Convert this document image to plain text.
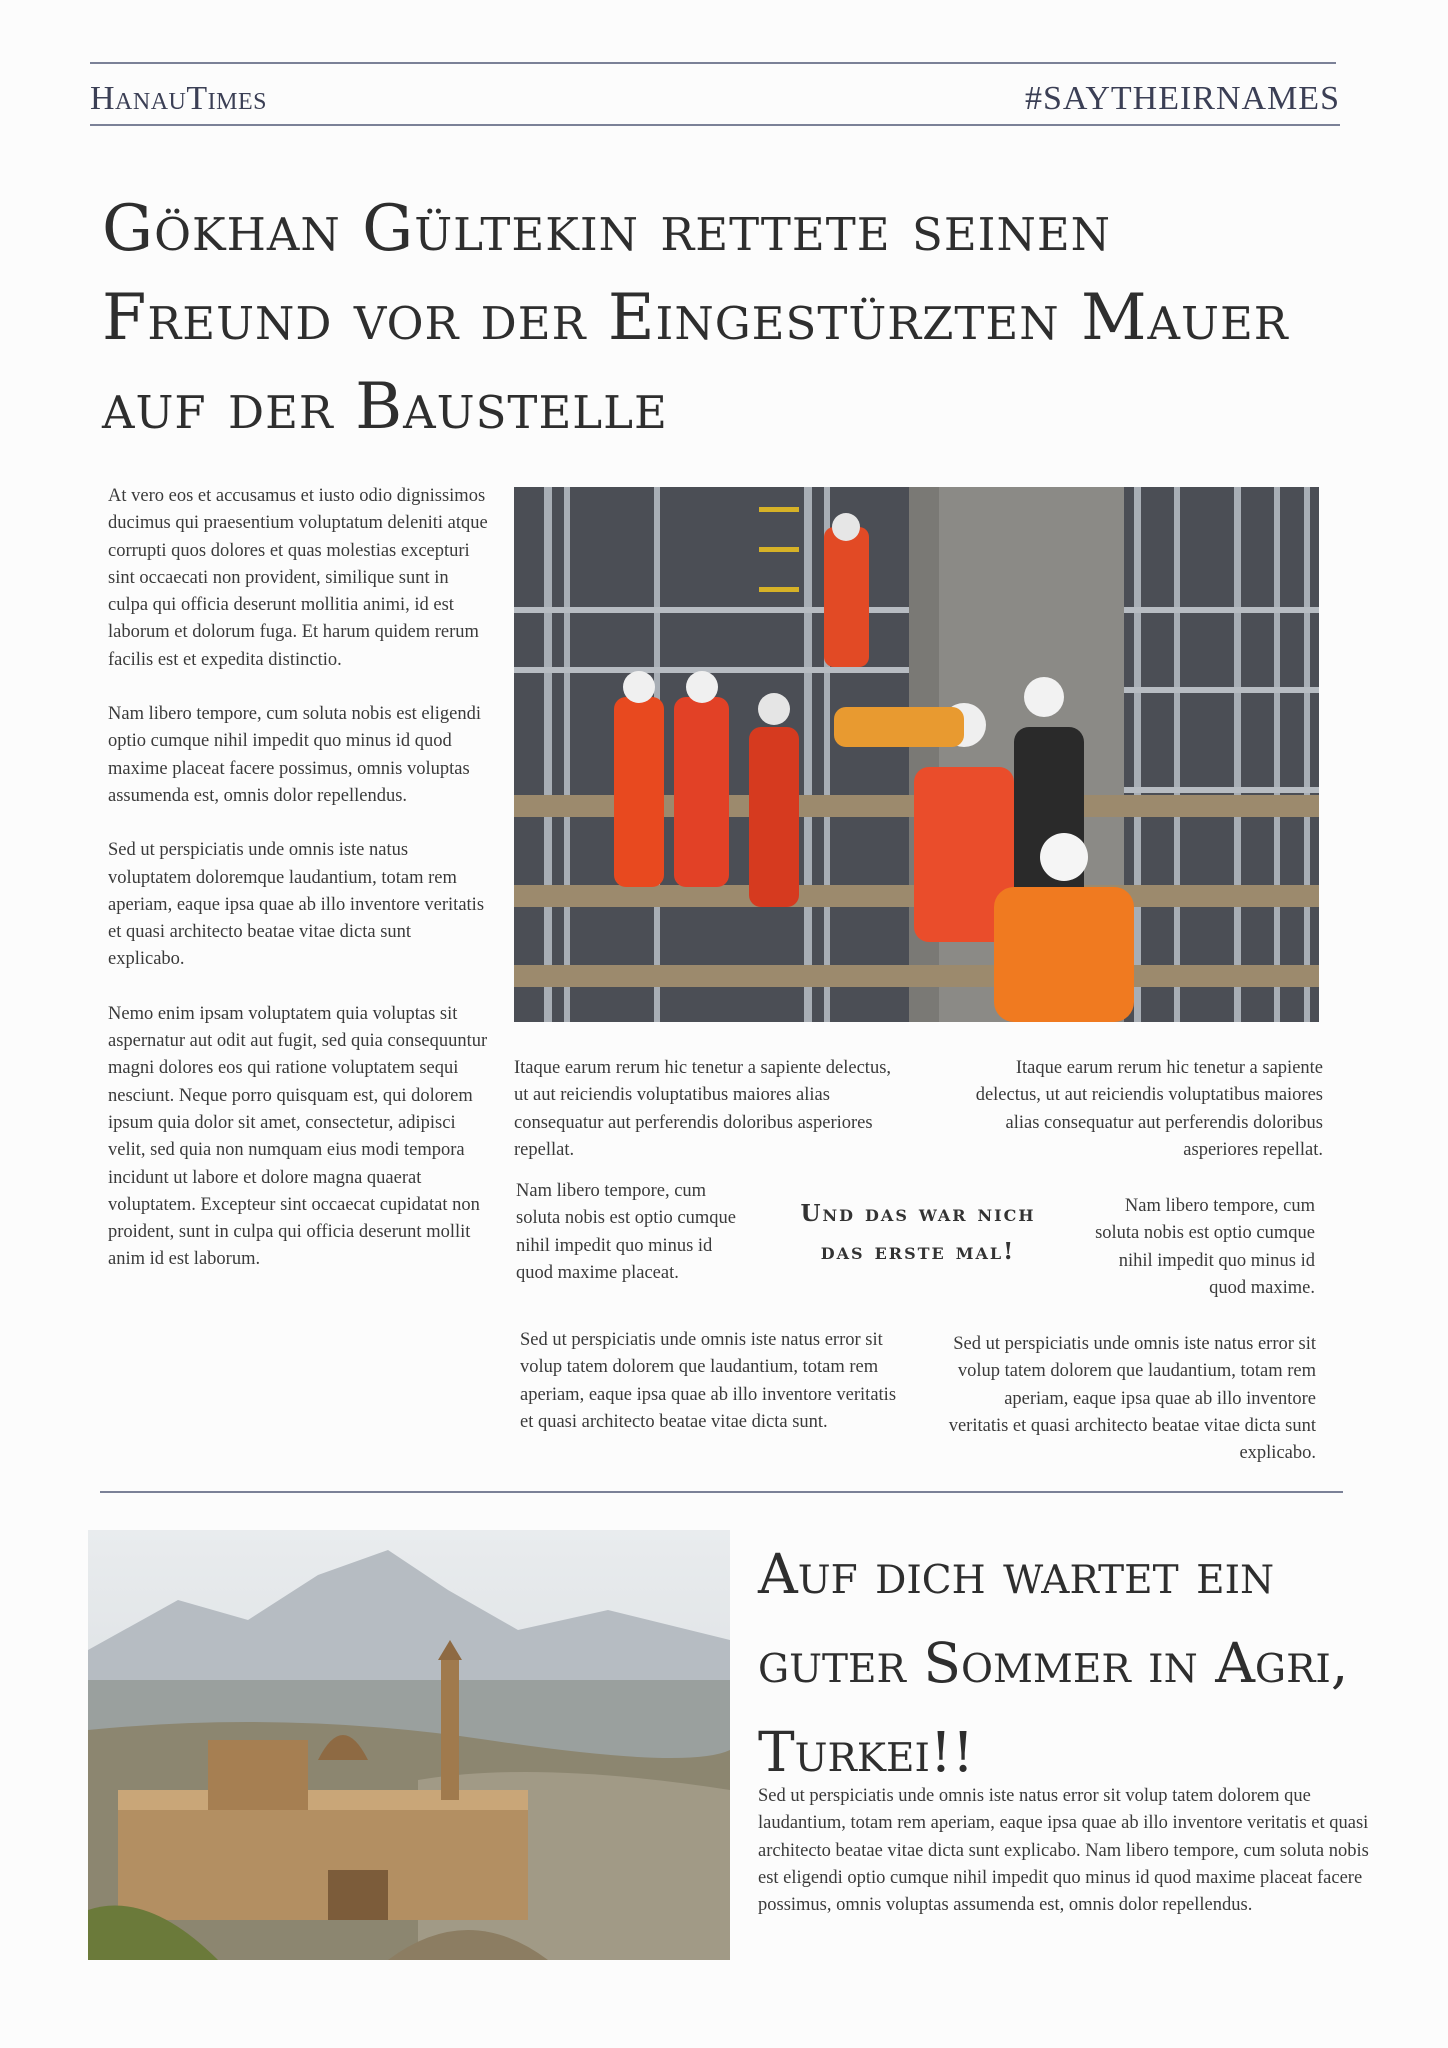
HanauTimes	#SAYTHEIRNAMES
Gökhan Gültekin rettete seinen Freund vor der Eingestürzten Mauer auf der Baustelle

At vero eos et accusamus et iusto odio dignissimos ducimus qui praesentium voluptatum deleniti atque corrupti quos dolores et quas molestias excepturi sint occaecati non provident, similique sunt in culpa qui officia deserunt mollitia animi, id est laborum et dolorum fuga. Et harum quidem rerum facilis est et expedita distinctio.

Nam libero tempore, cum soluta nobis est eligendi optio cumque nihil impedit quo minus id quod maxime placeat facere possimus, omnis voluptas assumenda est, omnis dolor repellendus.

Sed ut perspiciatis unde omnis iste natus voluptatem doloremque laudantium, totam rem aperiam, eaque ipsa quae ab illo inventore veritatis et quasi architecto beatae vitae dicta sunt explicabo.

Nemo enim ipsam voluptatem quia voluptas sit aspernatur aut odit aut fugit, sed quia consequuntur magni dolores eos qui ratione voluptatem sequi nesciunt. Neque porro quisquam est, qui dolorem ipsum quia dolor sit amet, consectetur, adipisci velit, sed quia non numquam eius modi tempora incidunt ut labore et dolore magna quaerat voluptatem. Excepteur sint occaecat cupidatat non proident, sunt in culpa qui officia deserunt mollit anim id est laborum.

Itaque earum rerum hic tenetur a sapiente delectus, ut aut reiciendis voluptatibus maiores alias consequatur aut perferendis doloribus asperiores repellat.
Nam libero tempore, cum soluta nobis est optio cumque nihil impedit quo minus id quod maxime placeat.
Sed ut perspiciatis unde omnis iste natus error sit volup tatem dolorem que laudantium, totam rem aperiam, eaque ipsa quae ab illo inventore veritatis et quasi architecto beatae vitae dicta sunt.
Und das war nich das erste mal!
Itaque earum rerum hic tenetur a sapiente delectus, ut aut reiciendis voluptatibus maiores alias consequatur aut perferendis doloribus asperiores repellat.
Nam libero tempore, cum soluta nobis est optio cumque nihil impedit quo minus id quod maxime.
Sed ut perspiciatis unde omnis iste natus error sit volup tatem dolorem que laudantium, totam rem aperiam, eaque ipsa quae ab illo inventore veritatis et quasi architecto beatae vitae dicta sunt explicabo.
Auf dich wartet ein guter Sommer in Agri, Turkei!!
Sed ut perspiciatis unde omnis iste natus error sit volup tatem dolorem que laudantium, totam rem aperiam, eaque ipsa quae ab illo inventore veritatis et quasi architecto beatae vitae dicta sunt explicabo. Nam libero tempore, cum soluta nobis est eligendi optio cumque nihil impedit quo minus id quod maxime placeat facere possimus, omnis voluptas assumenda est, omnis dolor repellendus.
